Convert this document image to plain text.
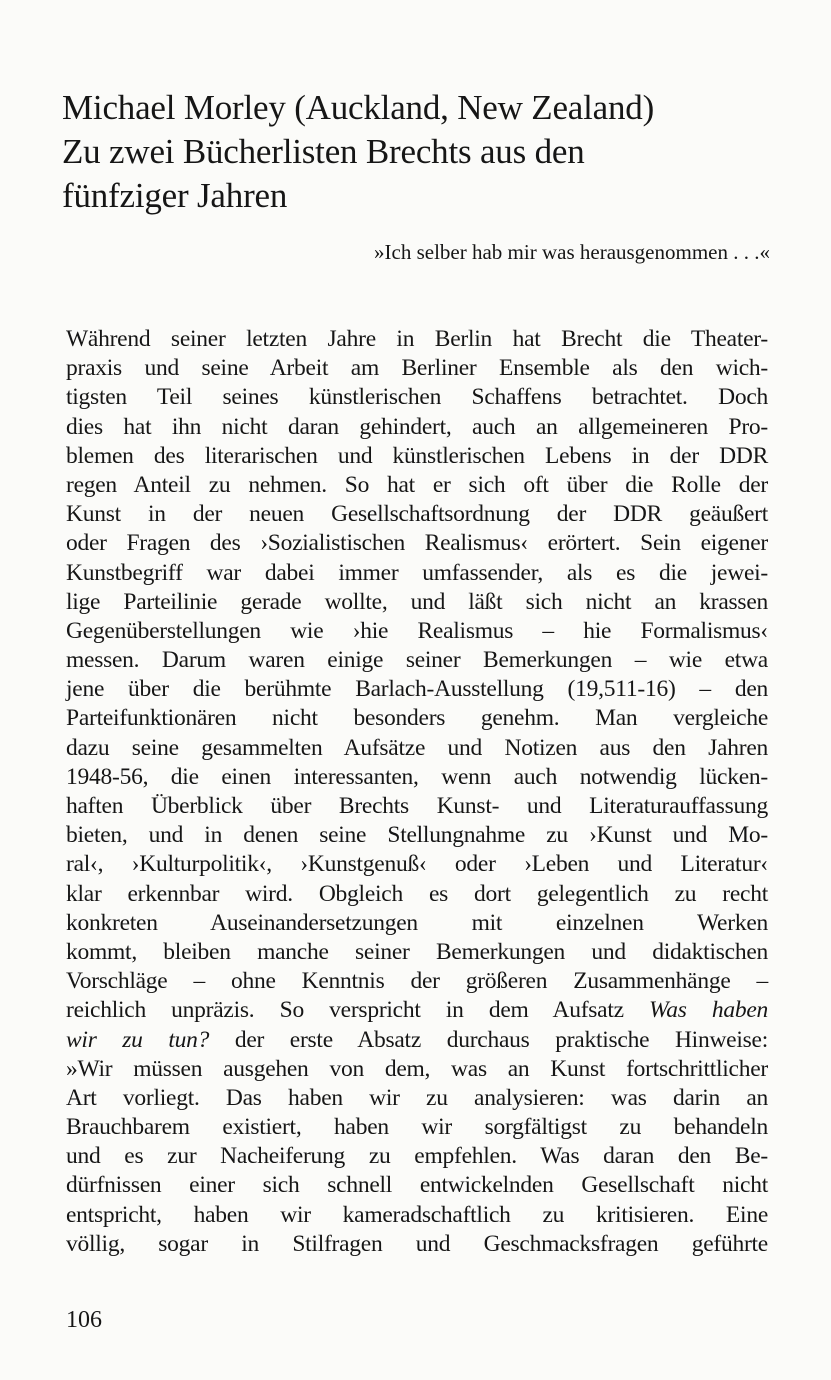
Michael Morley (Auckland, New Zealand)
Zu zwei Bücherlisten Brechts aus den
fünfziger Jahren
»Ich selber hab mir was herausgenommen . . .«
Während seiner letzten Jahre in Berlin hat Brecht die Theater-
praxis und seine Arbeit am Berliner Ensemble als den wich-
tigsten Teil seines künstlerischen Schaffens betrachtet. Doch
dies hat ihn nicht daran gehindert, auch an allgemeineren Pro-
blemen des literarischen und künstlerischen Lebens in der DDR
regen Anteil zu nehmen. So hat er sich oft über die Rolle der
Kunst in der neuen Gesellschaftsordnung der DDR geäußert
oder Fragen des ›Sozialistischen Realismus‹ erörtert. Sein eigener
Kunstbegriff war dabei immer umfassender, als es die jewei-
lige Parteilinie gerade wollte, und läßt sich nicht an krassen
Gegenüberstellungen wie ›hie Realismus – hie Formalismus‹
messen. Darum waren einige seiner Bemerkungen – wie etwa
jene über die berühmte Barlach-Ausstellung (19,511-16) – den
Parteifunktionären nicht besonders genehm. Man vergleiche
dazu seine gesammelten Aufsätze und Notizen aus den Jahren
1948-56, die einen interessanten, wenn auch notwendig lücken-
haften Überblick über Brechts Kunst- und Literaturauffassung
bieten, und in denen seine Stellungnahme zu ›Kunst und Mo-
ral‹, ›Kulturpolitik‹, ›Kunstgenuß‹ oder ›Leben und Literatur‹
klar erkennbar wird. Obgleich es dort gelegentlich zu recht
konkreten Auseinandersetzungen mit einzelnen Werken
kommt, bleiben manche seiner Bemerkungen und didaktischen
Vorschläge – ohne Kenntnis der größeren Zusammenhänge –
reichlich unpräzis. So verspricht in dem Aufsatz Was haben
wir zu tun? der erste Absatz durchaus praktische Hinweise:
»Wir müssen ausgehen von dem, was an Kunst fortschrittlicher
Art vorliegt. Das haben wir zu analysieren: was darin an
Brauchbarem existiert, haben wir sorgfältigst zu behandeln
und es zur Nacheiferung zu empfehlen. Was daran den Be-
dürfnissen einer sich schnell entwickelnden Gesellschaft nicht
entspricht, haben wir kameradschaftlich zu kritisieren. Eine
völlig, sogar in Stilfragen und Geschmacksfragen geführte
106
